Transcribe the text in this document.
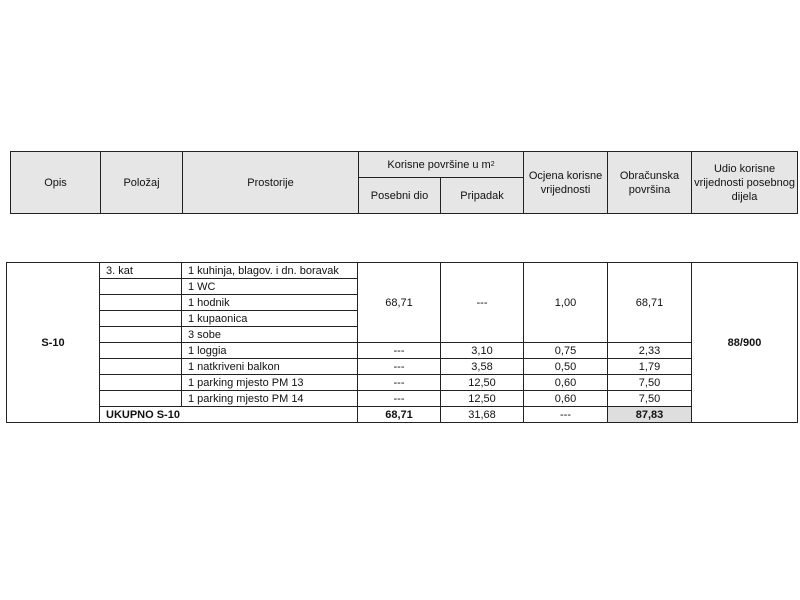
Opis	Položaj	Prostorije	Korisne površine u $m^2$		Ocjena korisne vrijednosti	Obračunska površina	Udio korisne vrijednosti posebnog dijela
			Posebni dio	Pripadak			
S-10	3. kat	1 kuhinja, blagov. i dn. boravak	68,71	---	1,00	68,71	88/900
		1 WC					
		1 hodnik					
		1 kupaonica					
		3 sobe					
		1 loggia	---	3,10	0,75	2,33	
		1 natkriveni balkon	---	3,58	0,50	1,79	
		1 parking mjesto PM 13	---	12,50	0,60	7,50	
		1 parking mjesto PM 14	---	12,50	0,60	7,50	
	UKUPNO S-10		68,71	31,68	---	87,83	
